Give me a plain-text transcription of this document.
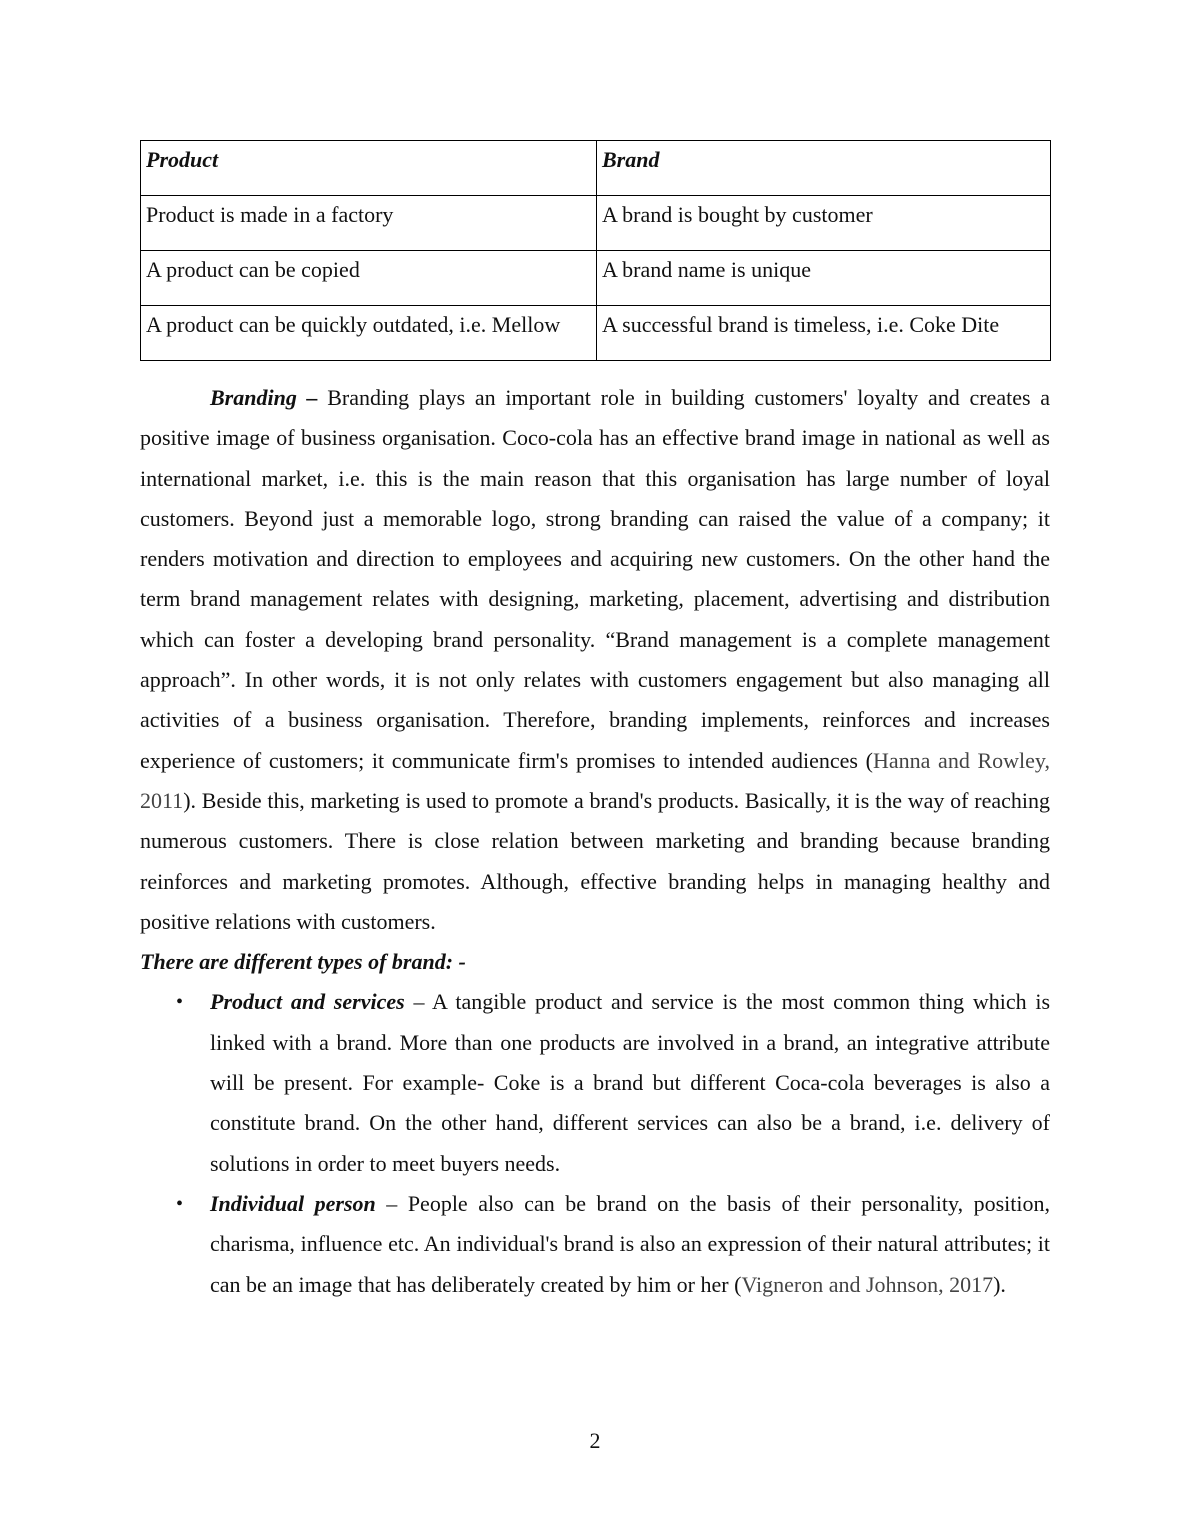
Product	Brand
Product is made in a factory	A brand is bought by customer
A product can be copied	A brand name is unique
A product can be quickly outdated, i.e. Mellow	A successful brand is timeless, i.e. Coke Dite

Branding – Branding plays an important role in building customers' loyalty and creates a positive image of business organisation. Coco-cola has an effective brand image in national as well as international market, i.e. this is the main reason that this organisation has large number of loyal customers. Beyond just a memorable logo, strong branding can raised the value of a company; it renders motivation and direction to employees and acquiring new customers. On the other hand the term brand management relates with designing, marketing, placement, advertising and distribution which can foster a developing brand personality. “Brand management is a complete management approach”. In other words, it is not only relates with customers engagement but also managing all activities of a business organisation. Therefore, branding implements, reinforces and increases experience of customers; it communicate firm's promises to intended audiences (Hanna and Rowley, 2011). Beside this, marketing is used to promote a brand's products. Basically, it is the way of reaching numerous customers. There is close relation between marketing and branding because branding reinforces and marketing promotes. Although, effective branding helps in managing healthy and positive relations with customers.

There are different types of brand: -

•	Product and services – A tangible product and service is the most common thing which is linked with a brand. More than one products are involved in a brand, an integrative attribute will be present. For example- Coke is a brand but different Coca-cola beverages is also a constitute brand. On the other hand, different services can also be a brand, i.e. delivery of solutions in order to meet buyers needs.
•	Individual person – People also can be brand on the basis of their personality, position, charisma, influence etc. An individual's brand is also an expression of their natural attributes; it can be an image that has deliberately created by him or her (Vigneron and Johnson, 2017).
2
